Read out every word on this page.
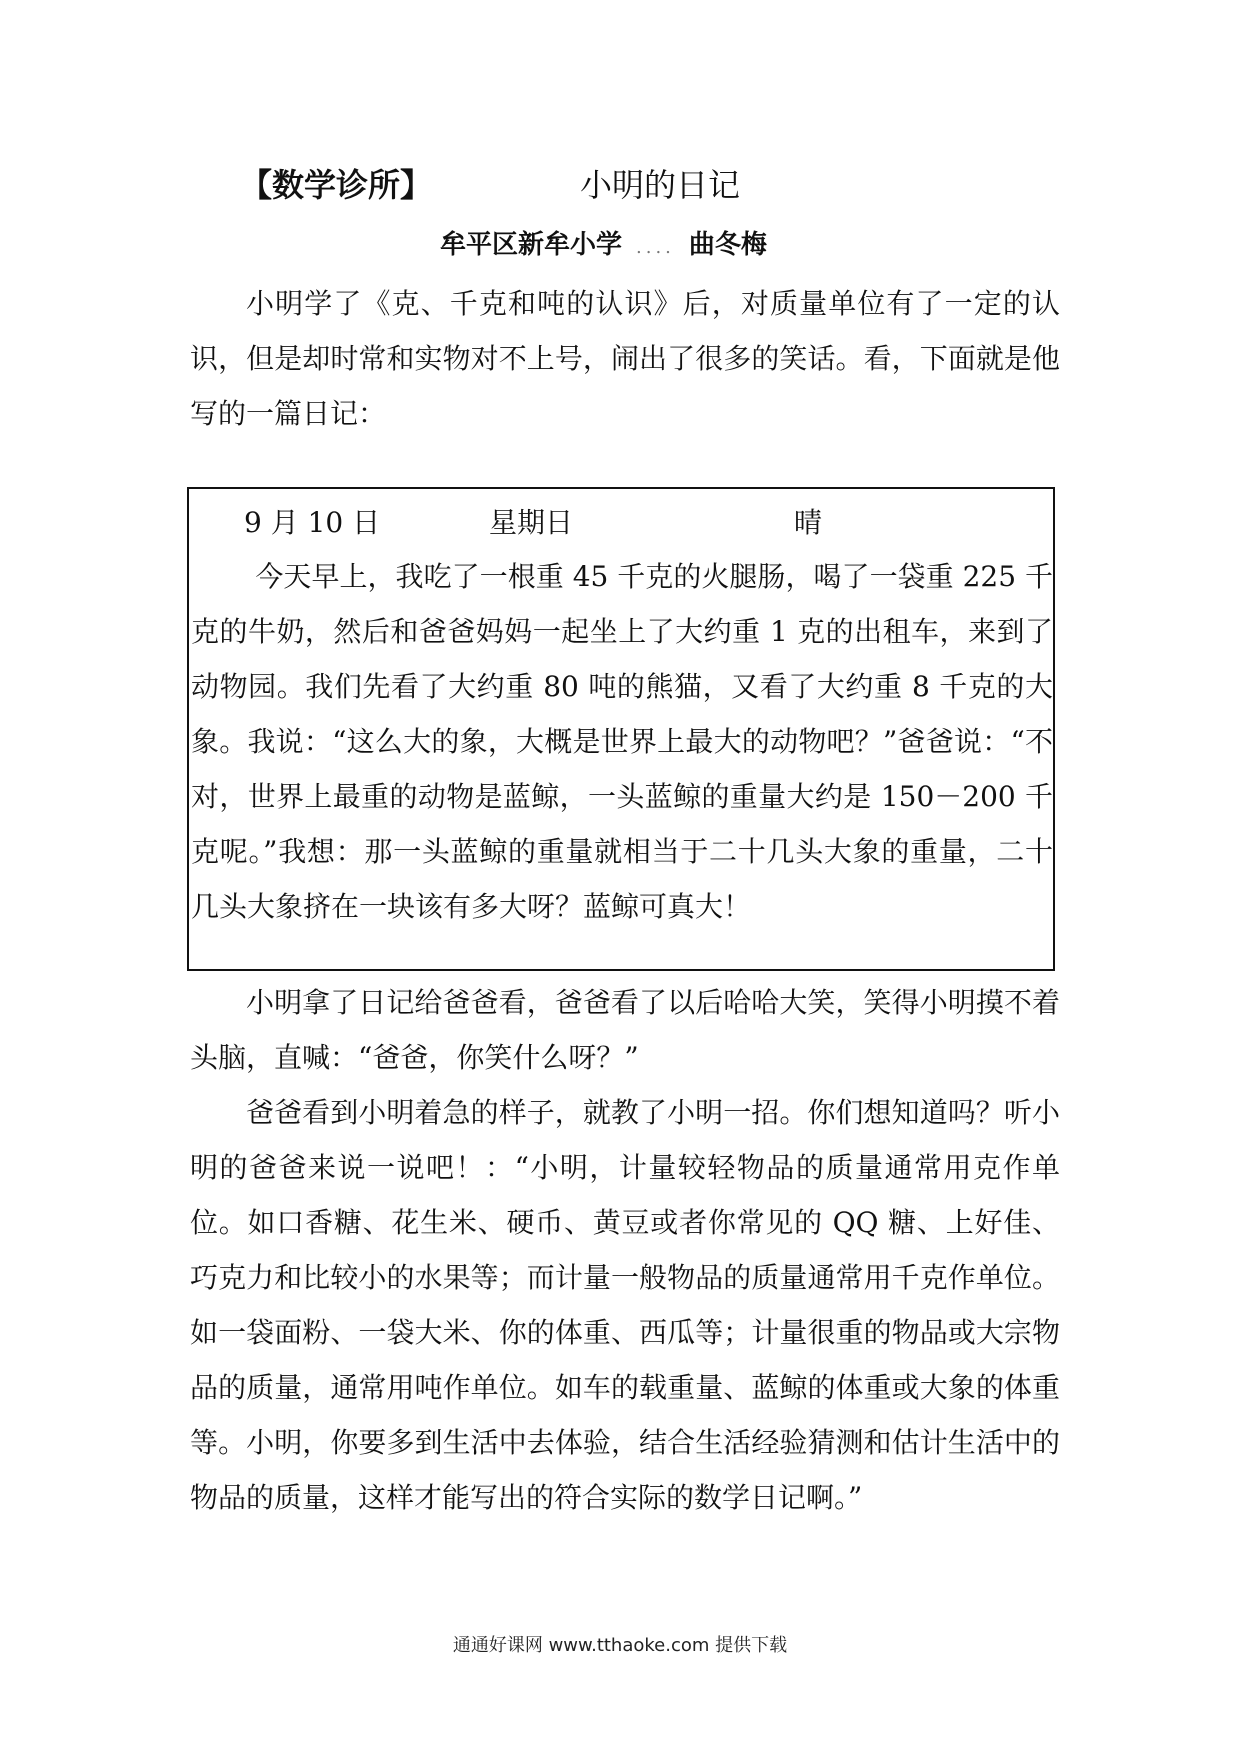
【数学诊所】	小明的日记
牟平区新牟小学 .... 曲冬梅

小明学了《克、千克和吨的认识》后，对质量单位有了一定的认识，但是却时常和实物对不上号，闹出了很多的笑话。看，下面就是他写的一篇日记：

9 月 10 日	星期日	晴

今天早上，我吃了一根重 45 千克的火腿肠，喝了一袋重 225 千克的牛奶，然后和爸爸妈妈一起坐上了大约重 1 克的出租车，来到了动物园。我们先看了大约重 80 吨的熊猫，又看了大约重 8 千克的大象。我说：“这么大的象，大概是世界上最大的动物吧？”爸爸说：“不对，世界上最重的动物是蓝鲸，一头蓝鲸的重量大约是 150－200 千克呢。”我想：那一头蓝鲸的重量就相当于二十几头大象的重量，二十几头大象挤在一块该有多大呀？蓝鲸可真大！

小明拿了日记给爸爸看，爸爸看了以后哈哈大笑，笑得小明摸不着头脑，直喊：“爸爸，你笑什么呀？”

爸爸看到小明着急的样子，就教了小明一招。你们想知道吗？听小明的爸爸来说一说吧！：“小明，计量较轻物品的质量通常用克作单位。如口香糖、花生米、硬币、黄豆或者你常见的 QQ 糖、上好佳、巧克力和比较小的水果等；而计量一般物品的质量通常用千克作单位。如一袋面粉、一袋大米、你的体重、西瓜等；计量很重的物品或大宗物品的质量，通常用吨作单位。如车的载重量、蓝鲸的体重或大象的体重等。小明，你要多到生活中去体验，结合生活经验猜测和估计生活中的物品的质量，这样才能写出的符合实际的数学日记啊。”

通通好课网 www.tthaoke.com 提供下载
